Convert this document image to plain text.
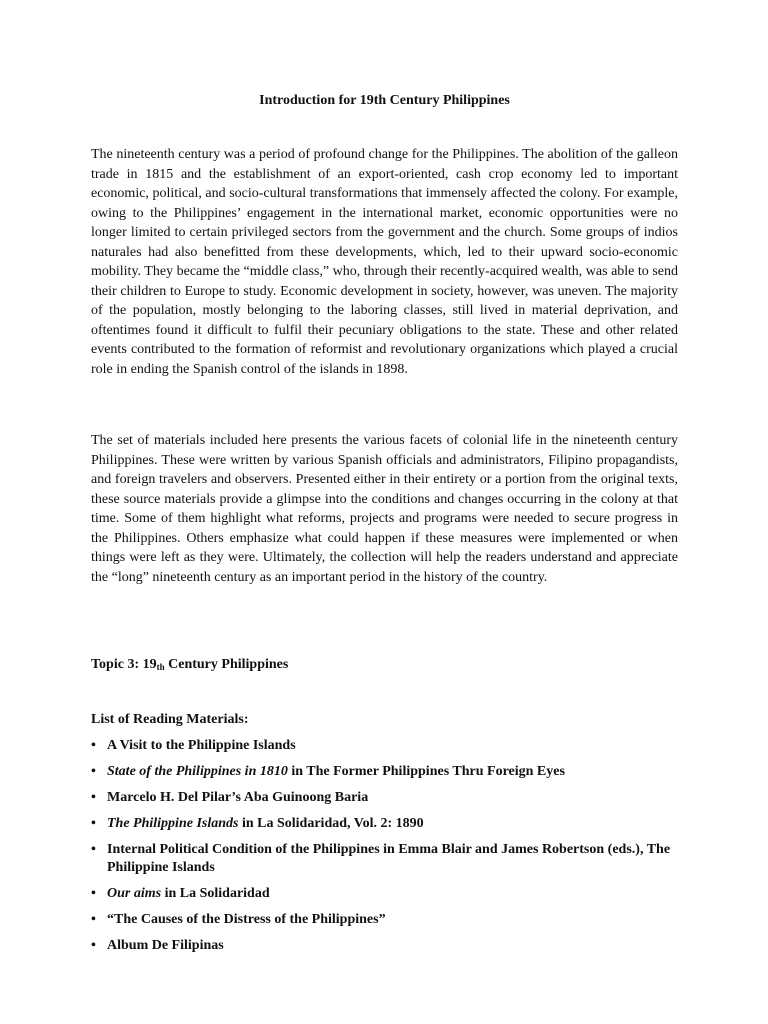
Introduction for 19th Century Philippines

The nineteenth century was a period of profound change for the Philippines. The abolition of the galleon trade in 1815 and the establishment of an export-oriented, cash crop economy led to important economic, political, and socio-cultural transformations that immensely affected the colony. For example, owing to the Philippines’ engagement in the international market, economic opportunities were no longer limited to certain privileged sectors from the government and the church. Some groups of indios naturales had also benefitted from these developments, which, led to their upward socio-economic mobility. They became the “middle class,” who, through their recently-acquired wealth, was able to send their children to Europe to study. Economic development in society, however, was uneven. The majority of the population, mostly belonging to the laboring classes, still lived in material deprivation, and oftentimes found it difficult to fulfil their pecuniary obligations to the state. These and other related events contributed to the formation of reformist and revolutionary organizations which played a crucial role in ending the Spanish control of the islands in 1898.

The set of materials included here presents the various facets of colonial life in the nineteenth century Philippines. These were written by various Spanish officials and administrators, Filipino propagandists, and foreign travelers and observers. Presented either in their entirety or a portion from the original texts, these source materials provide a glimpse into the conditions and changes occurring in the colony at that time. Some of them highlight what reforms, projects and programs were needed to secure progress in the Philippines. Others emphasize what could happen if these measures were implemented or when things were left as they were. Ultimately, the collection will help the readers understand and appreciate the “long” nineteenth century as an important period in the history of the country.

Topic 3: 19th Century Philippines

List of Reading Materials:

• A Visit to the Philippine Islands
• State of the Philippines in 1810 in The Former Philippines Thru Foreign Eyes
• Marcelo H. Del Pilar’s Aba Guinoong Baria
• The Philippine Islands in La Solidaridad, Vol. 2: 1890
• Internal Political Condition of the Philippines in Emma Blair and James Robertson (eds.), The Philippine Islands
• Our aims in La Solidaridad
• “The Causes of the Distress of the Philippines”
• Album De Filipinas
